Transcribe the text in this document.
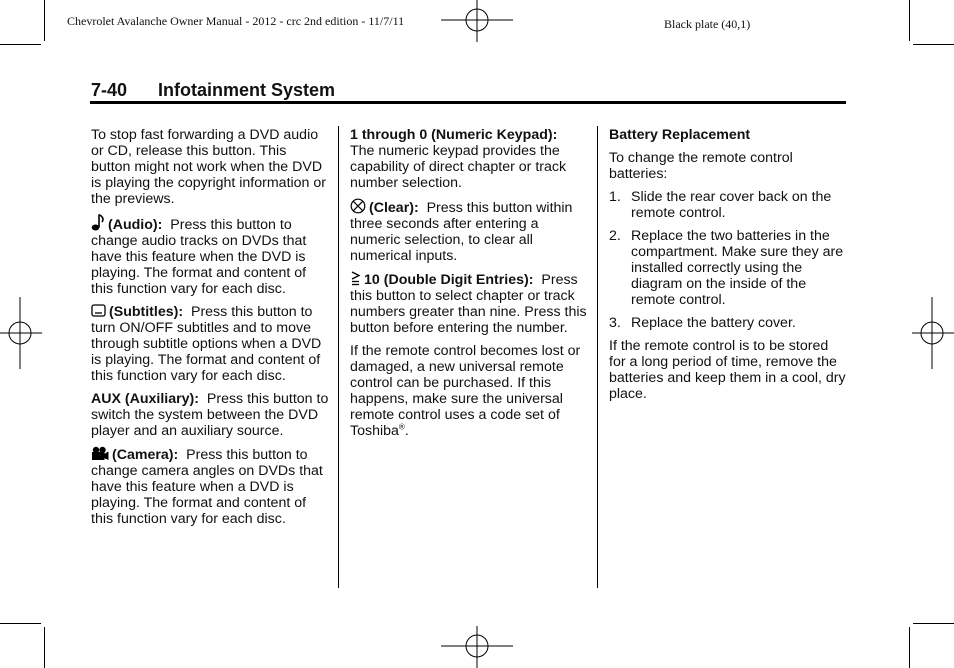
Chevrolet Avalanche Owner Manual - 2012 - crc 2nd edition - 11/7/11	Black plate (40,1)
7-40 Infotainment System

To stop fast forwarding a DVD audio or CD, release this button. This button might not work when the DVD is playing the copyright information or the previews.

(Audio): Press this button to change audio tracks on DVDs that have this feature when the DVD is playing. The format and content of this function vary for each disc.

(Subtitles): Press this button to turn ON/OFF subtitles and to move through subtitle options when a DVD is playing. The format and content of this function vary for each disc.

AUX (Auxiliary): Press this button to switch the system between the DVD player and an auxiliary source.

(Camera): Press this button to change camera angles on DVDs that have this feature when a DVD is playing. The format and content of this function vary for each disc.

1 through 0 (Numeric Keypad):
The numeric keypad provides the capability of direct chapter or track number selection.

(Clear): Press this button within three seconds after entering a numeric selection, to clear all numerical inputs.

10 (Double Digit Entries): Press this button to select chapter or track numbers greater than nine. Press this button before entering the number.

If the remote control becomes lost or damaged, a new universal remote control can be purchased. If this happens, make sure the universal remote control uses a code set of Toshiba®.

Battery Replacement

To change the remote control batteries:

1. Slide the rear cover back on the remote control.
2. Replace the two batteries in the compartment. Make sure they are installed correctly using the diagram on the inside of the remote control.
3. Replace the battery cover.

If the remote control is to be stored for a long period of time, remove the batteries and keep them in a cool, dry place.
